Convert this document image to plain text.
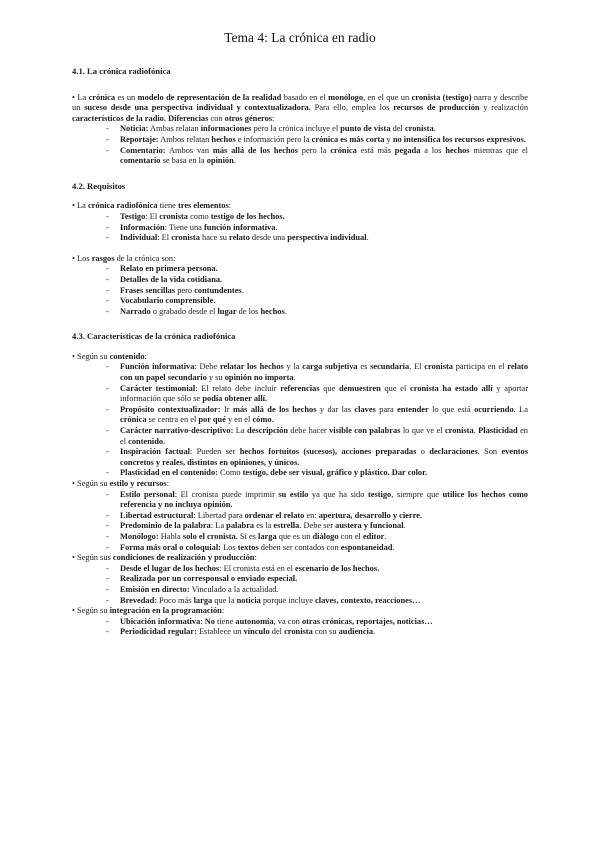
Tema 4: La crónica en radio
4.1. La crónica radiofónica

• La crónica es un modelo de representación de la realidad basado en el monólogo, en el que un cronista (testigo) narra y describe un suceso desde una perspectiva individual y contextualizadora. Para ello, emplea los recursos de producción y realización característicos de la radio. Diferencias con otros géneros:

- Noticia: Ambas relatan informaciones pero la crónica incluye el punto de vista del cronista.
- Reportaje: Ambos relatan hechos e información pero la crónica es más corta y no intensifica los recursos expresivos.
- Comentario: Ambos van más allá de los hechos pero la crónica está más pegada a los hechos mientras que el comentario se basa en la opinión.
4.2. Requisitos

• La crónica radiofónica tiene tres elementos:

- Testigo: El cronista como testigo de los hechos.
- Información: Tiene una función informativa.
- Individual: El cronista hace su relato desde una perspectiva individual.

• Los rasgos de la crónica son:

- Relato en primera persona.
- Detalles de la vida cotidiana.
- Frases sencillas pero contundentes.
- Vocabulario comprensible.
- Narrado o grabado desde el lugar de los hechos.
4.3. Características de la crónica radiofónica

• Según su contenido:

- Función informativa: Debe relatar los hechos y la carga subjetiva es secundaria. El cronista participa en el relato con un papel secundario y su opinión no importa.
- Carácter testimonial: El relato debe incluir referencias que demuestren que el cronista ha estado allí y aportar información que sólo se podía obtener allí.
- Propósito contextualizador: Ir más allá de los hechos y dar las claves para entender lo que está ocurriendo. La crónica se centra en el por qué y en el cómo.
- Carácter narrativo-descriptivo: La descripción debe hacer visible con palabras lo que ve el cronista. Plasticidad en el contenido.
- Inspiración factual: Pueden ser hechos fortuitos (sucesos), acciones preparadas o declaraciones. Son eventos concretos y reales, distintos en opiniones, y únicos.
- Plasticidad en el contenido: Como testigo, debe ser visual, gráfico y plástico. Dar color.

• Según su estilo y recursos:

- Estilo personal: El cronista puede imprimir su estilo ya que ha sido testigo, siempre que utilice los hechos como referencia y no incluya opinión.
- Libertad estructural: Libertad para ordenar el relato en: apertura, desarrollo y cierre.
- Predominio de la palabra: La palabra es la estrella. Debe ser austera y funcional.
- Monólogo: Habla solo el cronista. Si es larga que es un diálogo con el editor.
- Forma más oral o coloquial: Los textos deben ser contados con espontaneidad.

• Según sus condiciones de realización y producción:

- Desde el lugar de los hechos: El cronista está en el escenario de los hechos.
- Realizada por un corresponsal o enviado especial.
- Emisión en directo: Vinculado a la actualidad.
- Brevedad: Poco más larga que la noticia porque incluye claves, contexto, reacciones…

• Según su integración en la programación:

- Ubicación informativa: No tiene autonomía, va con otras crónicas, reportajes, noticias…
- Periodicidad regular: Establece un vínculo del cronista con su audiencia.
